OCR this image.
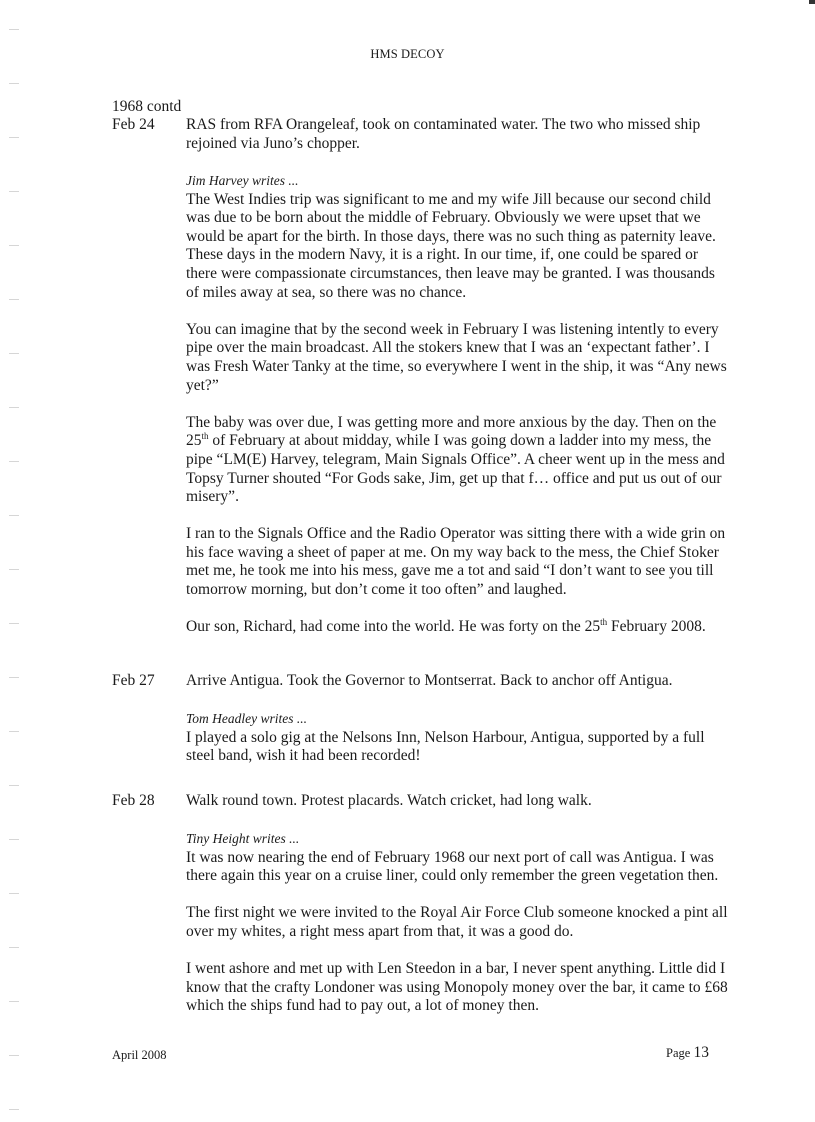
HMS DECOY
1968 contd
Feb 24	RAS from RFA Orangeleaf, took on contaminated water. The two who missed ship rejoined via Juno’s chopper.
Jim Harvey writes ...

The West Indies trip was significant to me and my wife Jill because our second child was due to be born about the middle of February. Obviously we were upset that we would be apart for the birth. In those days, there was no such thing as paternity leave. These days in the modern Navy, it is a right. In our time, if, one could be spared or there were compassionate circumstances, then leave may be granted. I was thousands of miles away at sea, so there was no chance.

You can imagine that by the second week in February I was listening intently to every pipe over the main broadcast. All the stokers knew that I was an ‘expectant father’. I was Fresh Water Tanky at the time, so everywhere I went in the ship, it was “Any news yet?”

The baby was over due, I was getting more and more anxious by the day. Then on the 25th of February at about midday, while I was going down a ladder into my mess, the pipe “LM(E) Harvey, telegram, Main Signals Office”. A cheer went up in the mess and Topsy Turner shouted “For Gods sake, Jim, get up that f… office and put us out of our misery”.

I ran to the Signals Office and the Radio Operator was sitting there with a wide grin on his face waving a sheet of paper at me. On my way back to the mess, the Chief Stoker met me, he took me into his mess, gave me a tot and said “I don’t want to see you till tomorrow morning, but don’t come it too often” and laughed.

Our son, Richard, had come into the world. He was forty on the 25th February 2008.

Feb 27	Arrive Antigua. Took the Governor to Montserrat. Back to anchor off Antigua.
Tom Headley writes ...

I played a solo gig at the Nelsons Inn, Nelson Harbour, Antigua, supported by a full steel band, wish it had been recorded!

Feb 28	Walk round town. Protest placards. Watch cricket, had long walk.
Tiny Height writes ...

It was now nearing the end of February 1968 our next port of call was Antigua. I was there again this year on a cruise liner, could only remember the green vegetation then.

The first night we were invited to the Royal Air Force Club someone knocked a pint all over my whites, a right mess apart from that, it was a good do.

I went ashore and met up with Len Steedon in a bar, I never spent anything. Little did I know that the crafty Londoner was using Monopoly money over the bar, it came to £68 which the ships fund had to pay out, a lot of money then.

April 2008	Page 13
